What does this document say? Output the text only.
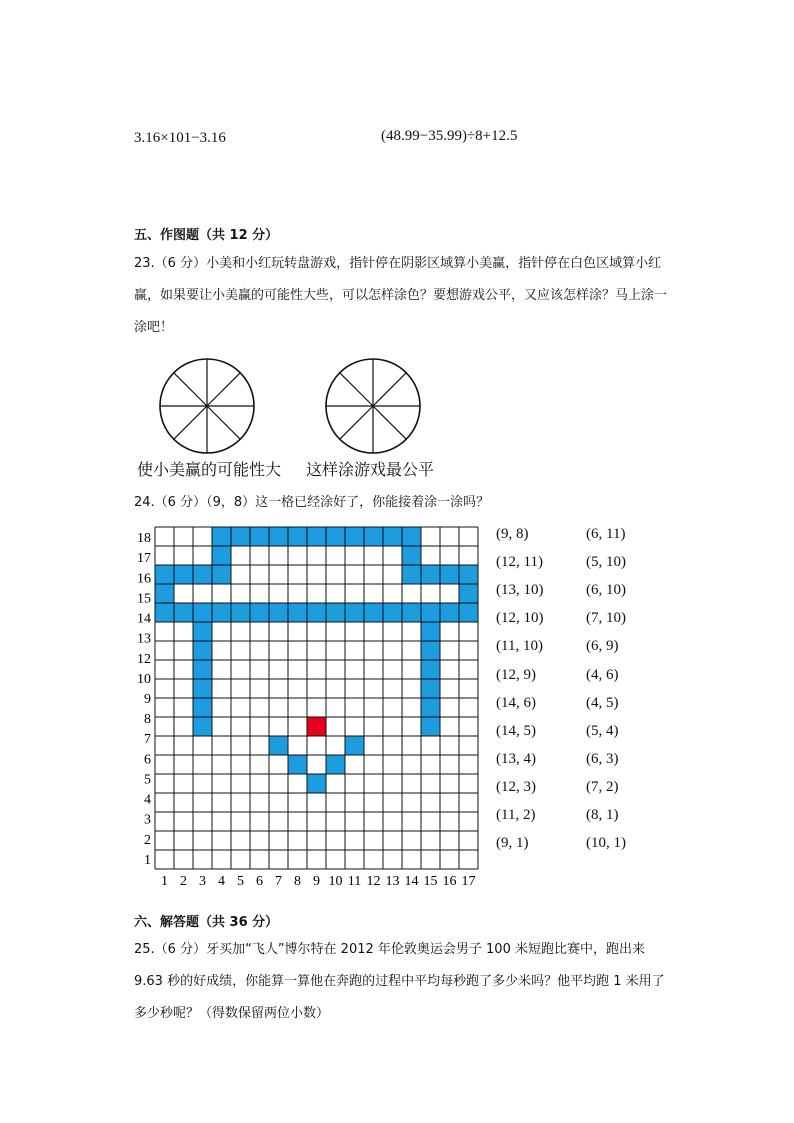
3.16×101−3.16	(48.99−35.99)÷8+12.5
五、作图题（共 12 分）
23.（6 分）小美和小红玩转盘游戏，指针停在阴影区域算小美赢，指针停在白色区域算小红赢，如果要让小美赢的可能性大些，可以怎样涂色？要想游戏公平，又应该怎样涂？马上涂一涂吧！
使小美赢的可能性大 这样涂游戏最公平
24.（6 分）（9，8）这一格已经涂好了，你能接着涂一涂吗？
1 2 3 4 5 6 7 8 9 10 11 12 13 14 15 16 17
18
17
16
15
14
13
12
10
9
8
7
6
5
4
3
2
1
(9, 8)
(12, 11)
(13, 10)
(12, 10)
(11, 10)
(12, 9)
(14, 6)
(14, 5)
(13, 4)
(12, 3)
(11, 2)
(9, 1)
(6, 11)
(5, 10)
(6, 10)
(7, 10)
(6, 9)
(4, 6)
(4, 5)
(5, 4)
(6, 3)
(7, 2)
(8, 1)
(10, 1)
六、解答题（共 36 分）
25.（6 分）牙买加“飞人”博尔特在 2012 年伦敦奥运会男子 100 米短跑比赛中，跑出来 9.63 秒的好成绩，你能算一算他在奔跑的过程中平均每秒跑了多少米吗？他平均跑 1 米用了多少秒呢？（得数保留两位小数）
